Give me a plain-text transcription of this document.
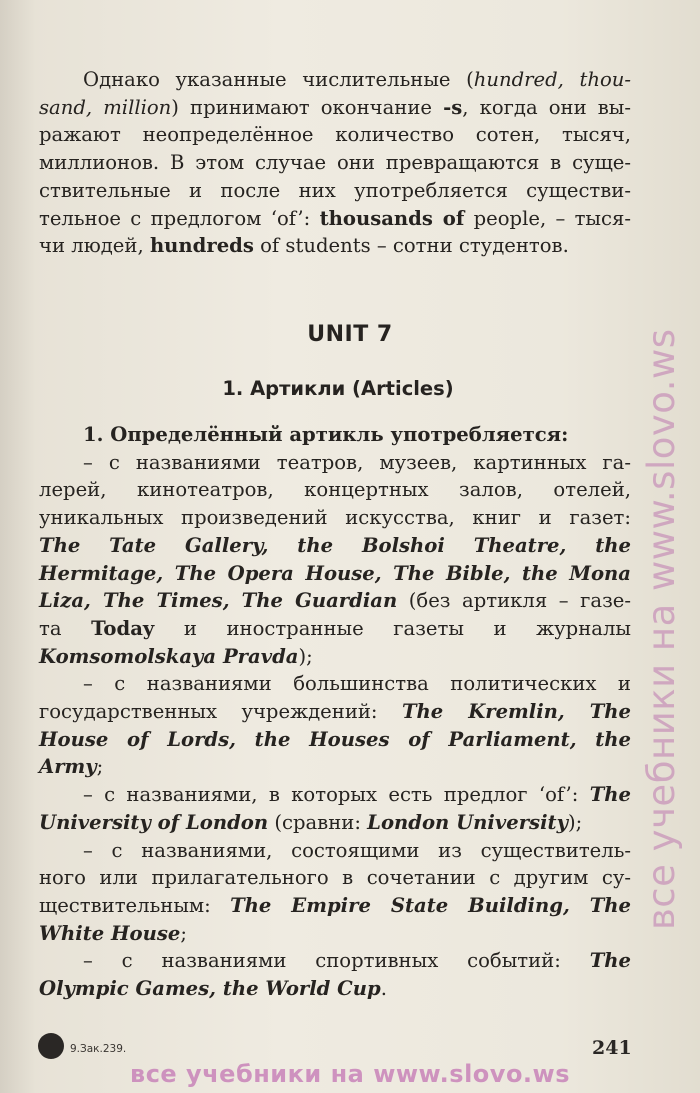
Однако указанные числительные (hundred, thou-

sand, million) принимают окончание -s, когда они вы-

ражают неопределённое количество сотен, тысяч,

миллионов. В этом случае они превращаются в суще-

ствительные и после них употребляется существи-

тельное с предлогом ‘of’: thousands of people, – тыся-

чи людей, hundreds of students – сотни студентов.

UNIT 7
1. Артикли (Articles)

1. Определённый артикль употребляется:

– с названиями театров, музеев, картинных га-

лерей, кинотеатров, концертных залов, отелей,

уникальных произведений искусства, книг и газет:

The Tate Gallery, the Bolshoi Theatre, the

Hermitage, The Opera House, The Bible, the Mona

Liza, The Times, The Guardian (без артикля – газе-

та Today и иностранные газеты и журналы

Komsomolskaya Pravda);

– с названиями большинства политических и

государственных учреждений: The Kremlin, The

House of Lords, the Houses of Parliament, the

Army;

– с названиями, в которых есть предлог ‘of’: The

University of London (сравни: London University);

– с названиями, состоящими из существитель-

ного или прилагательного в сочетании с другим су-

ществительным: The Empire State Building, The

White House;

– с названиями спортивных событий: The

Olympic Games, the World Cup.

все учебники на www.slovo.ws
9.Зак.239.	241
все учебники на www.slovo.ws
